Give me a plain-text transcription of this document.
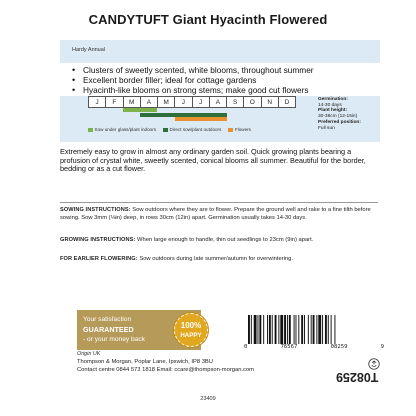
CANDYTUFT Giant Hyacinth Flowered
Hardy Annual
• Clusters of sweetly scented, white blooms, throughout summer
• Excellent border filler; ideal for cottage gardens
• Hyacinth-like blooms on strong stems; make good cut flowers
J	F	M	A	M	J	J	A	S	O	N	D
Sow under glass/plant indoors	Direct sow/plant outdoors	Flowers
Germination:
14-30 days
Plant height:
30-38cm (12-15in)
Preferred position:
Full sun
Extremely easy to grow in almost any ordinary garden soil. Quick growing plants bearing a profusion of crystal white, sweetly scented, conical blooms all summer. Beautiful for the border, bedding or as a cut flower.
SOWING INSTRUCTIONS: Sow outdoors where they are to flower. Prepare the ground well and rake to a fine tilth before sowing. Sow 3mm (⅛in) deep, in rows 30cm (12in) apart. Germination usually takes 14-30 days.
GROWING INSTRUCTIONS: When large enough to handle, thin out seedlings to 23cm (9in) apart.
FOR EARLIER FLOWERING: Sow outdoors during late summer/autumn for overwintering.
Your satisfaction
GUARANTEED
- or your money back
100%
HAPPY
0	76567	08259	9
Origin UK
Thompson & Morgan, Poplar Lane, Ipswich, IP8 3BU
Contact centre 0844 573 1818 Email: ccare@thompson-morgan.com
T08259
23409
